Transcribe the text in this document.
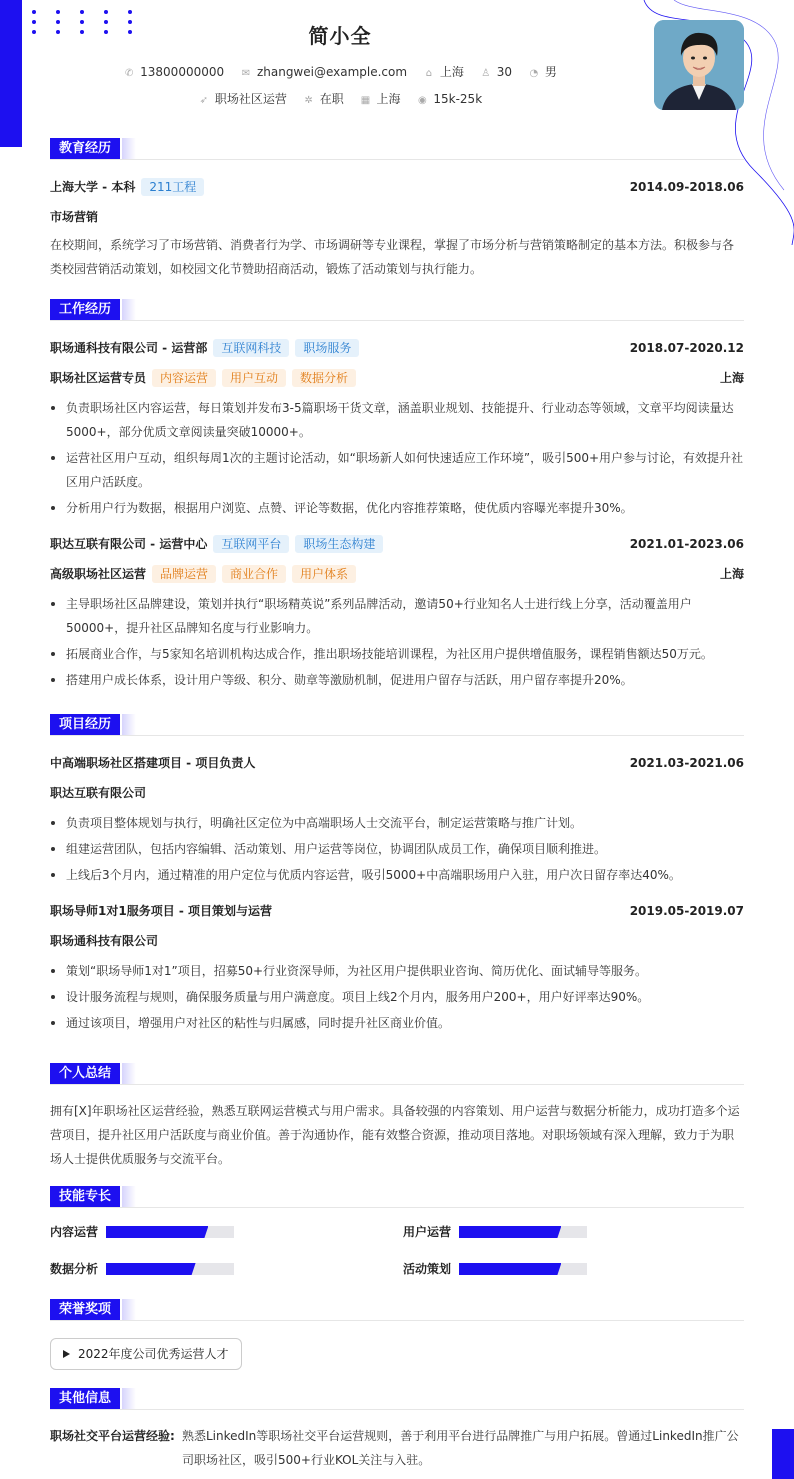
简小全
✆ 13800000000 ✉ zhangwei@example.com ⌂ 上海 ♙ 30 ◔ 男
➶ 职场社区运营 ✲ 在职 ▦ 上海 ◉ 15k-25k
教育经历
上海大学 - 本科 211工程	2014.09-2018.06
市场营销
在校期间，系统学习了市场营销、消费者行为学、市场调研等专业课程，掌握了市场分析与营销策略制定的基本方法。积极参与各类校园营销活动策划，如校园文化节赞助招商活动，锻炼了活动策划与执行能力。
工作经历
职场通科技有限公司 - 运营部 互联网科技 职场服务	2018.07-2020.12
职场社区运营专员 内容运营 用户互动 数据分析	上海
负责职场社区内容运营，每日策划并发布3-5篇职场干货文章，涵盖职业规划、技能提升、行业动态等领域，文章平均阅读量达5000+，部分优质文章阅读量突破10000+。
运营社区用户互动，组织每周1次的主题讨论活动，如“职场新人如何快速适应工作环境”，吸引500+用户参与讨论，有效提升社区用户活跃度。
分析用户行为数据，根据用户浏览、点赞、评论等数据，优化内容推荐策略，使优质内容曝光率提升30%。
职达互联有限公司 - 运营中心 互联网平台 职场生态构建	2021.01-2023.06
高级职场社区运营 品牌运营 商业合作 用户体系	上海
主导职场社区品牌建设，策划并执行“职场精英说”系列品牌活动，邀请50+行业知名人士进行线上分享，活动覆盖用户50000+，提升社区品牌知名度与行业影响力。
拓展商业合作，与5家知名培训机构达成合作，推出职场技能培训课程，为社区用户提供增值服务，课程销售额达50万元。
搭建用户成长体系，设计用户等级、积分、勋章等激励机制，促进用户留存与活跃，用户留存率提升20%。
项目经历
中高端职场社区搭建项目 - 项目负责人	2021.03-2021.06
职达互联有限公司
负责项目整体规划与执行，明确社区定位为中高端职场人士交流平台，制定运营策略与推广计划。
组建运营团队，包括内容编辑、活动策划、用户运营等岗位，协调团队成员工作，确保项目顺利推进。
上线后3个月内，通过精准的用户定位与优质内容运营，吸引5000+中高端职场用户入驻，用户次日留存率达40%。
职场导师1对1服务项目 - 项目策划与运营	2019.05-2019.07
职场通科技有限公司
策划“职场导师1对1”项目，招募50+行业资深导师，为社区用户提供职业咨询、简历优化、面试辅导等服务。
设计服务流程与规则，确保服务质量与用户满意度。项目上线2个月内，服务用户200+，用户好评率达90%。
通过该项目，增强用户对社区的粘性与归属感，同时提升社区商业价值。
个人总结
拥有[X]年职场社区运营经验，熟悉互联网运营模式与用户需求。具备较强的内容策划、用户运营与数据分析能力，成功打造多个运营项目，提升社区用户活跃度与商业价值。善于沟通协作，能有效整合资源，推动项目落地。对职场领域有深入理解，致力于为职场人士提供优质服务与交流平台。
技能专长
内容运营	用户运营
数据分析	活动策划
荣誉奖项
2022年度公司优秀运营人才
其他信息
职场社交平台运营经验: 熟悉LinkedIn等职场社交平台运营规则，善于利用平台进行品牌推广与用户拓展。曾通过LinkedIn推广公司职场社区，吸引500+行业KOL关注与入驻。
